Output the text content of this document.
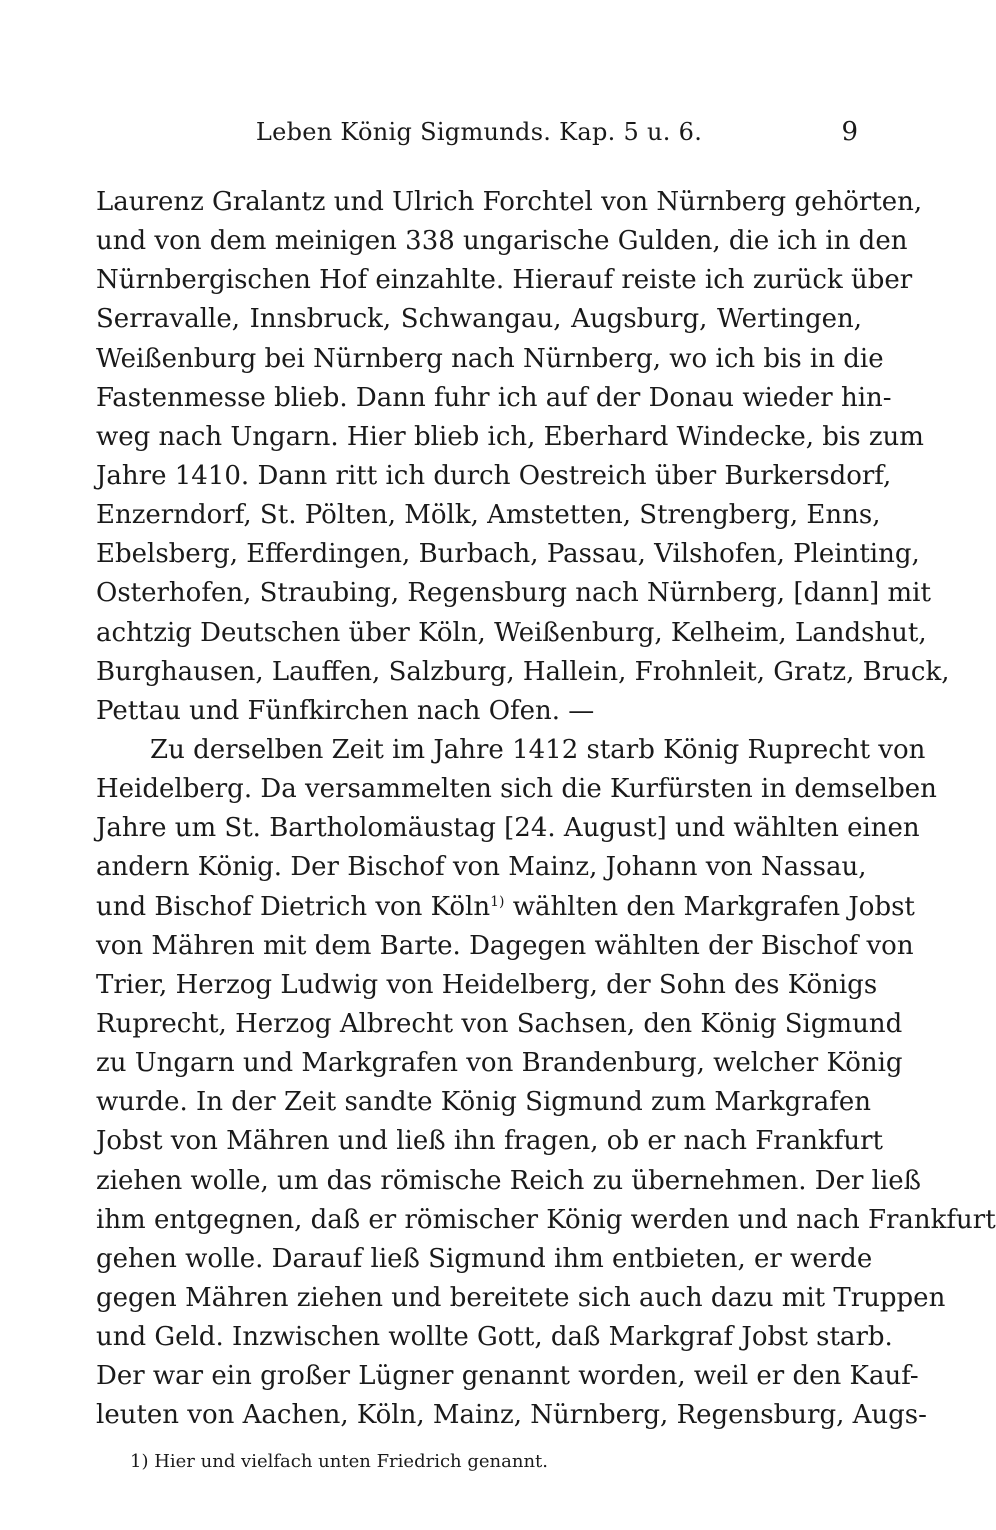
Leben König Sigmunds. Kap. 5 u. 6.	9
Laurenz Gralantz und Ulrich Forchtel von Nürnberg gehörten,
und von dem meinigen 338 ungarische Gulden, die ich in den
Nürnbergischen Hof einzahlte. Hierauf reiste ich zurück über
Serravalle, Innsbruck, Schwangau, Augsburg, Wertingen,
Weißenburg bei Nürnberg nach Nürnberg, wo ich bis in die
Fastenmesse blieb. Dann fuhr ich auf der Donau wieder hin-
weg nach Ungarn. Hier blieb ich, Eberhard Windecke, bis zum
Jahre 1410. Dann ritt ich durch Oestreich über Burkersdorf,
Enzerndorf, St. Pölten, Mölk, Amstetten, Strengberg, Enns,
Ebelsberg, Efferdingen, Burbach, Passau, Vilshofen, Pleinting,
Osterhofen, Straubing, Regensburg nach Nürnberg, [dann] mit
achtzig Deutschen über Köln, Weißenburg, Kelheim, Landshut,
Burghausen, Lauffen, Salzburg, Hallein, Frohnleit, Gratz, Bruck,
Pettau und Fünfkirchen nach Ofen. —
Zu derselben Zeit im Jahre 1412 starb König Ruprecht von
Heidelberg. Da versammelten sich die Kurfürsten in demselben
Jahre um St. Bartholomäustag [24. August] und wählten einen
andern König. Der Bischof von Mainz, Johann von Nassau,
und Bischof Dietrich von Köln$^{1)}$ wählten den Markgrafen Jobst
von Mähren mit dem Barte. Dagegen wählten der Bischof von
Trier, Herzog Ludwig von Heidelberg, der Sohn des Königs
Ruprecht, Herzog Albrecht von Sachsen, den König Sigmund
zu Ungarn und Markgrafen von Brandenburg, welcher König
wurde. In der Zeit sandte König Sigmund zum Markgrafen
Jobst von Mähren und ließ ihn fragen, ob er nach Frankfurt
ziehen wolle, um das römische Reich zu übernehmen. Der ließ
ihm entgegnen, daß er römischer König werden und nach Frankfurt
gehen wolle. Darauf ließ Sigmund ihm entbieten, er werde
gegen Mähren ziehen und bereitete sich auch dazu mit Truppen
und Geld. Inzwischen wollte Gott, daß Markgraf Jobst starb.
Der war ein großer Lügner genannt worden, weil er den Kauf-
leuten von Aachen, Köln, Mainz, Nürnberg, Regensburg, Augs-
1) Hier und vielfach unten Friedrich genannt.
